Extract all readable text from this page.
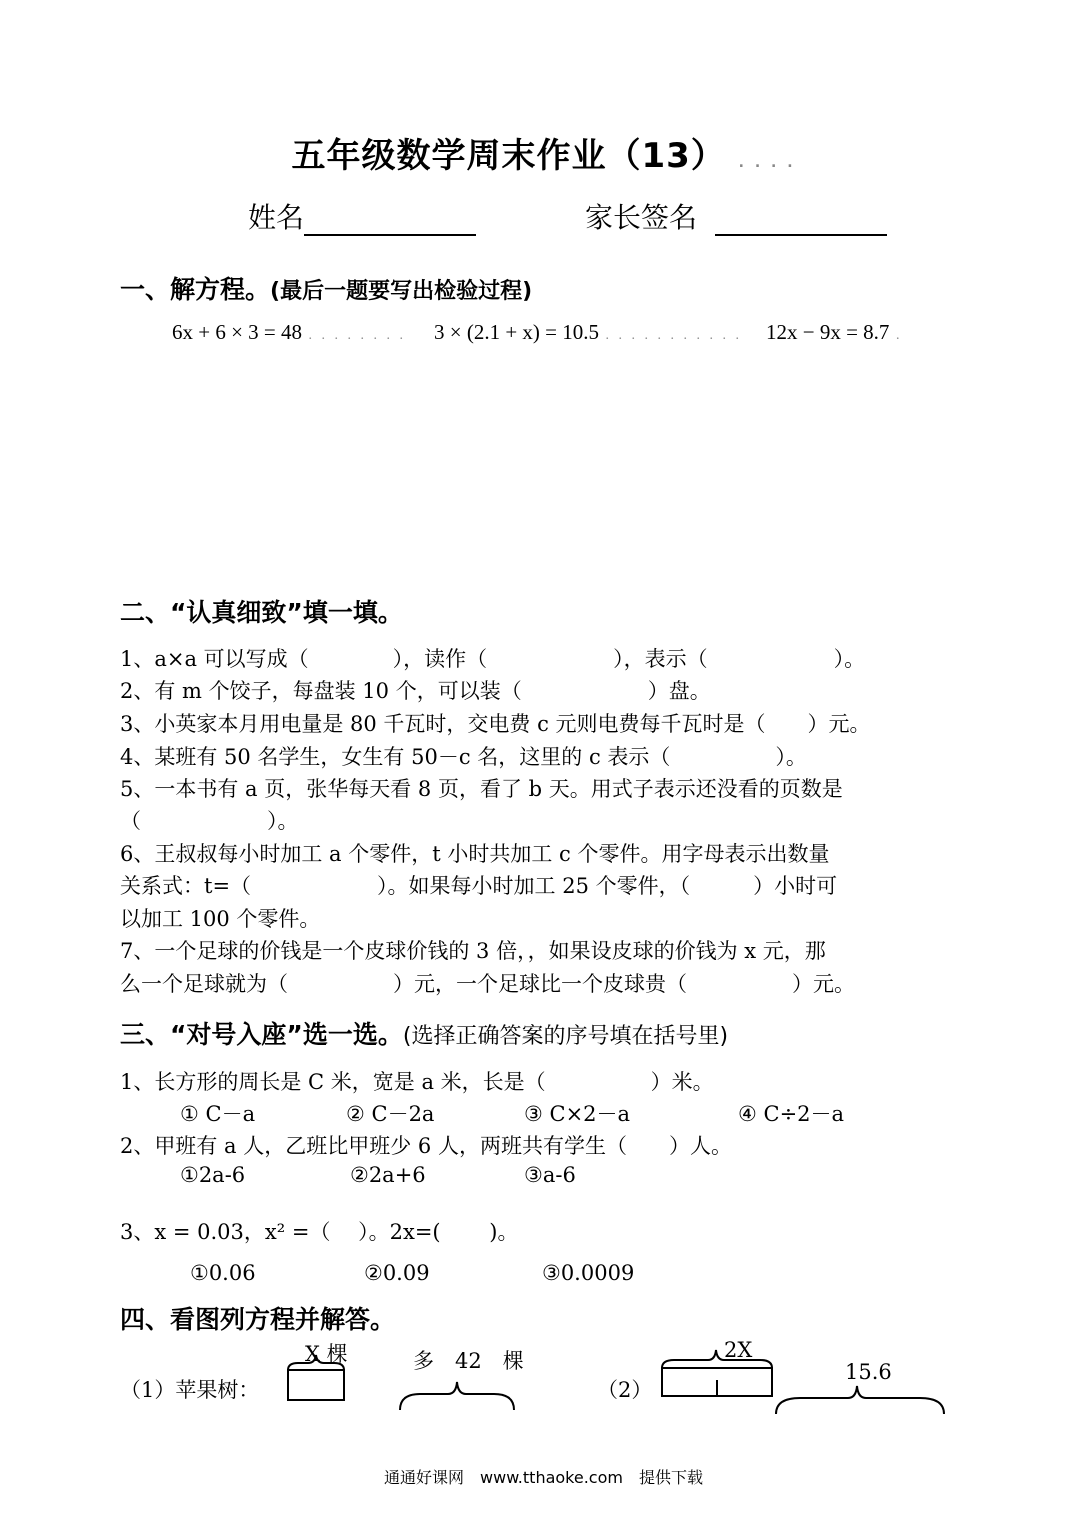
五年级数学周末作业（13） . . . .
姓名	家长签名
一、解方程。(最后一题要写出检验过程)
6x + 6 × 3 = 48 . . . . . . . . 3 × (2.1 + x) = 10.5 . . . . . . . . . . . 12x − 9x = 8.7 .
二、“认真细致”填一填。
1、a×a 可以写成（　　　　），读作（　　　　　　），表示（　　　　　　）。
2、有 m 个饺子，每盘装 10 个，可以装（　　　　　　）盘。
3、小英家本月用电量是 80 千瓦时，交电费 c 元则电费每千瓦时是（　　）元。
4、某班有 50 名学生，女生有 50－c 名，这里的 c 表示（　　　　　）。
5、一本书有 a 页，张华每天看 8 页，看了 b 天。用式子表示还没看的页数是
（　　　　　　）。
6、王叔叔每小时加工 a 个零件，t 小时共加工 c 个零件。用字母表示出数量
关系式：t=（　　　　　　）。如果每小时加工 25 个零件，（　　　）小时可
以加工 100 个零件。
7、一个足球的价钱是一个皮球价钱的 3 倍，，如果设皮球的价钱为 x 元，那
么一个足球就为（　　　　　）元，一个足球比一个皮球贵（　　　　　）元。
三、“对号入座”选一选。(选择正确答案的序号填在括号里)
1、长方形的周长是 C 米，宽是 a 米，长是（　　　　　）米。
① C－a	② C－2a	③ C×2－a	④ C÷2－a
2、甲班有 a 人，乙班比甲班少 6 人，两班共有学生（　　）人。
①2a-6	②2a+6	③a-6
3、x = 0.03，x² =（　 ）。2x=(　　 )。
①0.06	②0.09	③0.0009
四、看图列方程并解答。
（1）苹果树：
X 棵	多　42　棵
（2）
2X
15.6
通通好课网　www.tthaoke.com　提供下载
